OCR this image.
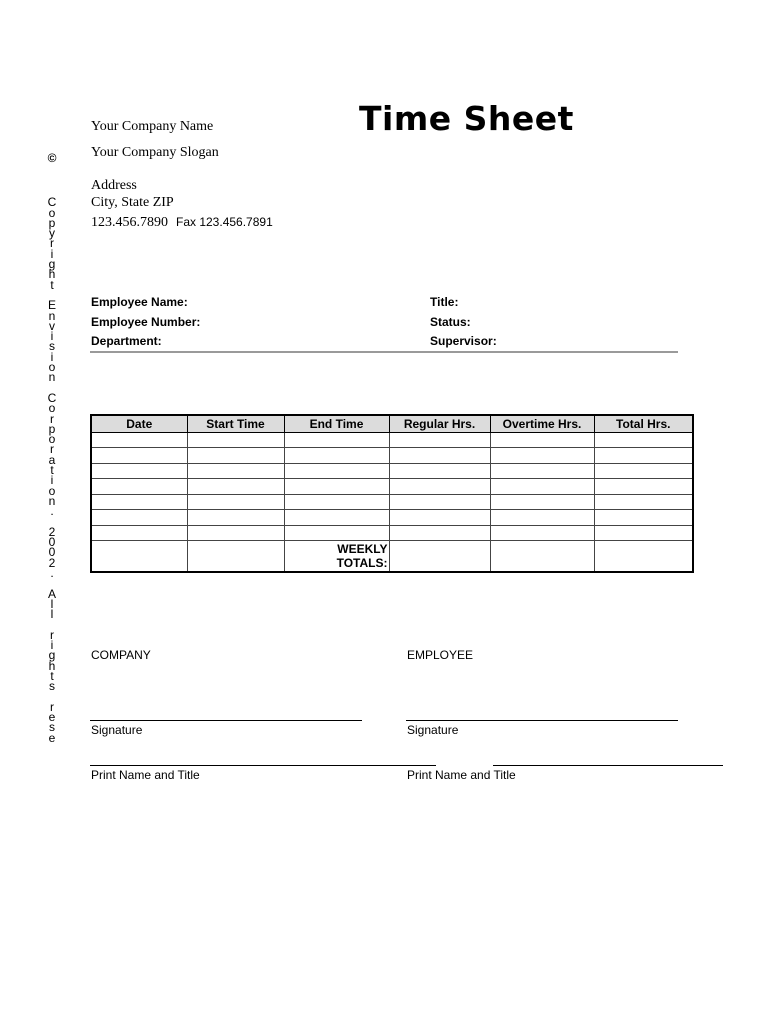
©

C
o
p
y
r
i
g
h
t

E
n
v
i
s
i
o
n

C
o
r
p
o
r
a
t
i
o
n
.

2
0
0
2
.

A
l
l

r
i
g
h
t
s

r
e
s
e
Time Sheet
Your Company Name
Your Company Slogan
Address
City, State ZIP
123.456.7890 Fax 123.456.7891
Employee Name:
Employee Number:
Department:
Title:
Status:
Supervisor:
Date	Start Time	End Time	Regular Hrs.	Overtime Hrs.	Total Hrs.

		WEEKLY
TOTALS:			
COMPANY	EMPLOYEE
Signature	Signature
Print Name and Title	Print Name and Title
